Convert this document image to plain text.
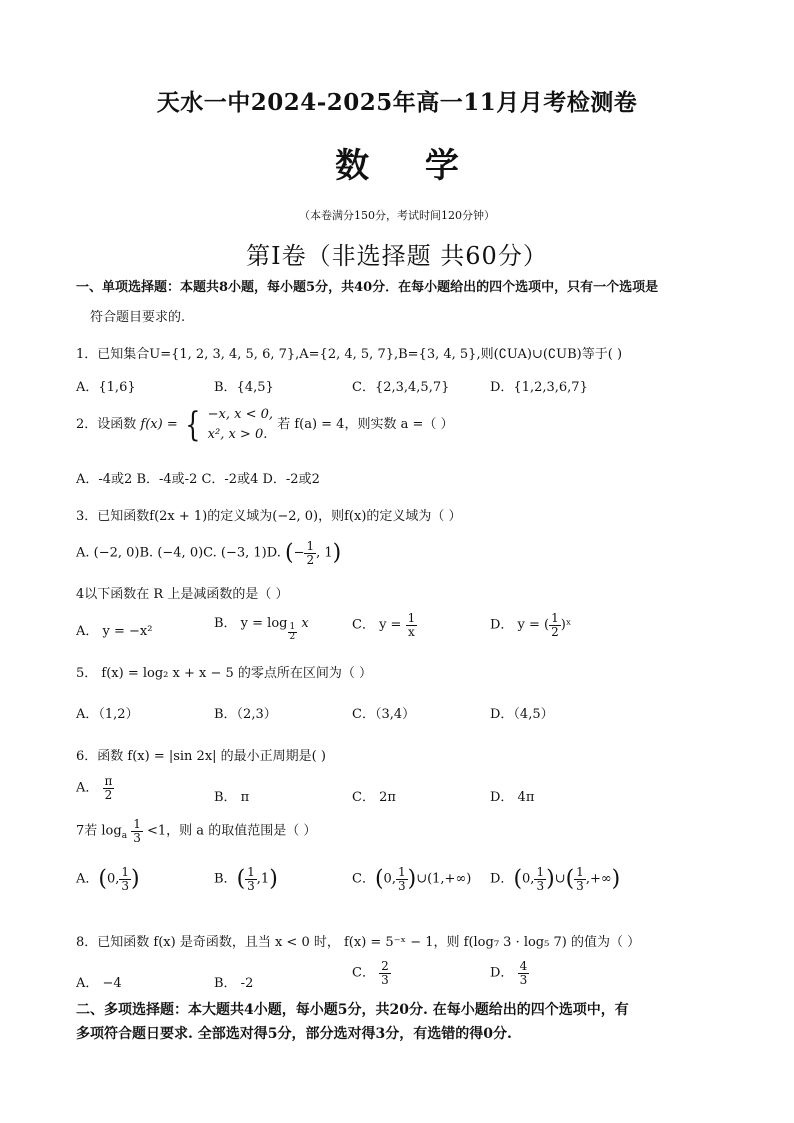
天水一中2024-2025年高一11月月考检测卷
数 学
（本卷满分150分，考试时间120分钟）
第Ⅰ卷（非选择题 共60分）
一、单项选择题：本题共8小题，每小题5分，共40分．在每小题给出的四个选项中，只有一个选项是
符合题目要求的.
1．已知集合U={1, 2, 3, 4, 5, 6, 7},A={2, 4, 5, 7},B={3, 4, 5},则(∁UA)∪(∁UB)等于( )
A．{1,6}	B．{4,5}	C．{2,3,4,5,7}	D．{1,2,3,6,7}
2．设函数 f(x) = { −x, x < 0,
x², x > 0.
若 f(a) = 4，则实数 a =（ ）
A．-4或2 B．-4或-2 C．-2或4 D．-2或2
3．已知函数f(2x + 1)的定义域为(−2, 0)，则f(x)的定义域为（ ）
A. (−2, 0)B. (−4, 0)C. (−3, 1)D. (− $\frac{1}{2}$ , 1)
4以下函数在 R 上是减函数的是（ ）
A． y = −x²
B． $y = \log \frac{1}{2}$ x	C． $y = \frac{1}{x}$	D． y = ( $\frac{1}{2}$ )ˣ
5． f(x) = log₂ x + x − 5 的零点所在区间为（ ）
A．（1,2）	B．（2,3）	C．（3,4）	D．（4,5）
6．函数 f(x) = |sin 2x| 的最小正周期是( )
A． $\frac{\pi}{2}$	B． π	C． 2π	D． 4π
7若 $\log_a \frac{1}{3} <1$，则 a 的取值范围是（ ）
A．(0, $\frac{1}{3}$ )	B．( $\frac{1}{3} ,1$)	C．(0, $\frac{1}{3}$ )∪(1,+∞) D．(0, $\frac{1}{3}$ )∪( $\frac{1}{3}$ ,+∞)
8．已知函数 f(x) 是奇函数，且当 x < 0 时， f(x) = 5⁻ˣ − 1，则 f(log₇ 3 · log₅ 7) 的值为（ ）
A． −4	B． -2
C． $\frac{2}{3}$	D． $\frac{4}{3}$
二、多项选择题：本大题共4小题，每小题5分，共20分. 在每小题给出的四个选项中，有
多项符合题日要求. 全部选对得5分，部分选对得3分，有选错的得0分.
